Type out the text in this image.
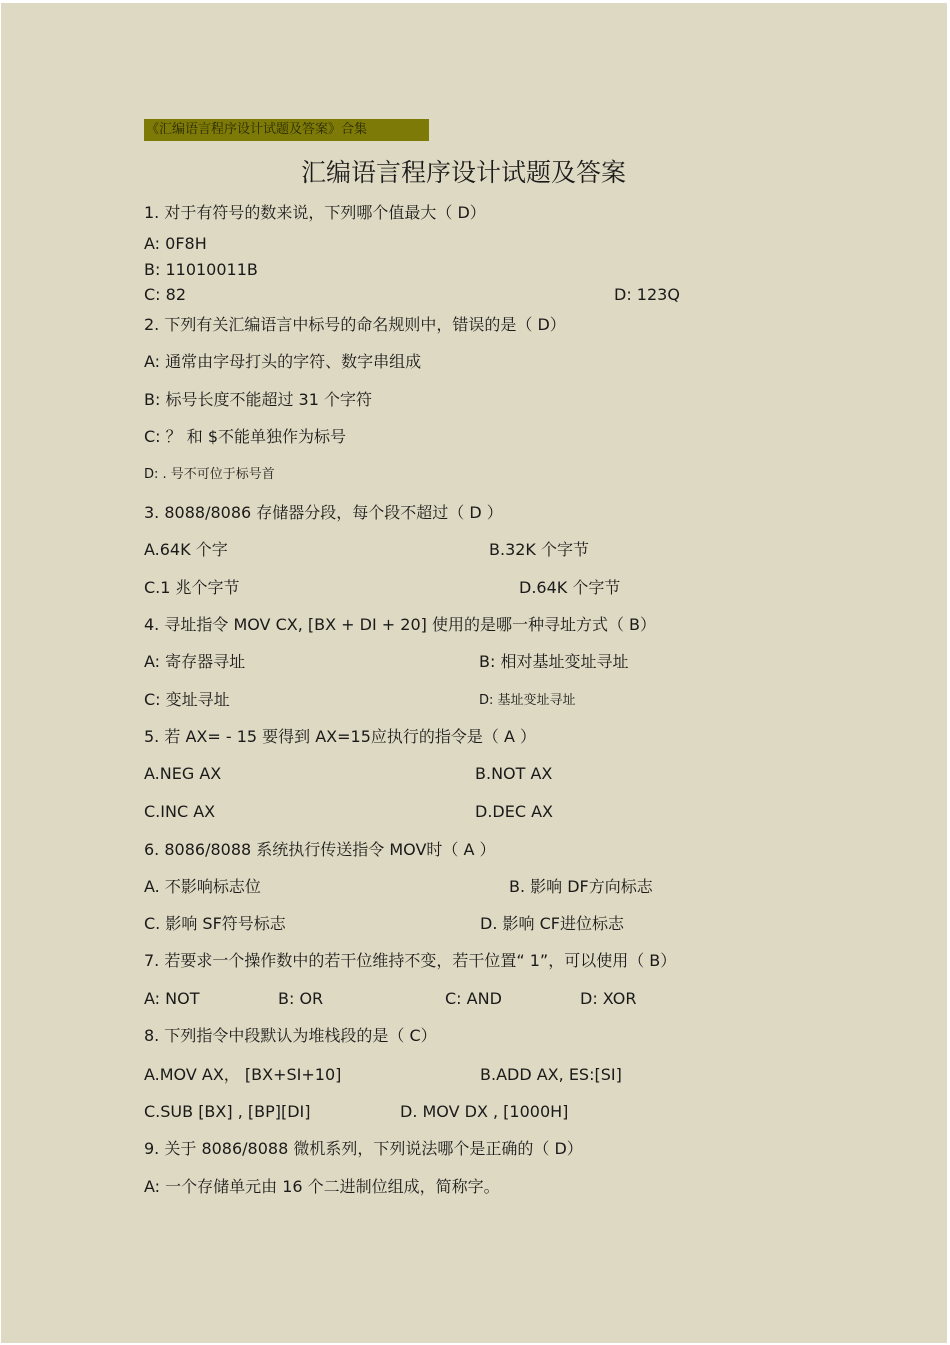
《汇编语言程序设计试题及答案》合集
汇编语言程序设计试题及答案
1. 对于有符号的数来说，下列哪个值最大（ D）
A: 0F8H
B: 11010011B
C: 82	D: 123Q
2. 下列有关汇编语言中标号的命名规则中，错误的是（ D）
A: 通常由字母打头的字符、数字串组成
B: 标号长度不能超过 31 个字符
C: ？ 和 $不能单独作为标号
D: . 号不可位于标号首
3. 8088/8086 存储器分段，每个段不超过（ D ）
A.64K 个字	B.32K 个字节
C.1 兆个字节	D.64K 个字节
4. 寻址指令 MOV CX, [BX + DI + 20] 使用的是哪一种寻址方式（ B）
A: 寄存器寻址	B: 相对基址变址寻址
C: 变址寻址	D: 基址变址寻址
5. 若 AX= - 15 要得到 AX=15应执行的指令是（ A ）
A.NEG AX	B.NOT AX
C.INC AX	D.DEC AX
6. 8086/8088 系统执行传送指令 MOV时（ A ）
A. 不影响标志位	B. 影响 DF方向标志
C. 影响 SF符号标志	D. 影响 CF进位标志
7. 若要求一个操作数中的若干位维持不变，若干位置“ 1”，可以使用（ B）
A: NOT	B: OR	C: AND	D: XOR
8. 下列指令中段默认为堆栈段的是（ C）
A.MOV AX， [BX+SI+10]	B.ADD AX, ES:[SI]
C.SUB [BX] , [BP][DI]	D. MOV DX , [1000H]
9. 关于 8086/8088 微机系列，下列说法哪个是正确的（ D）
A: 一个存储单元由 16 个二进制位组成，简称字。
